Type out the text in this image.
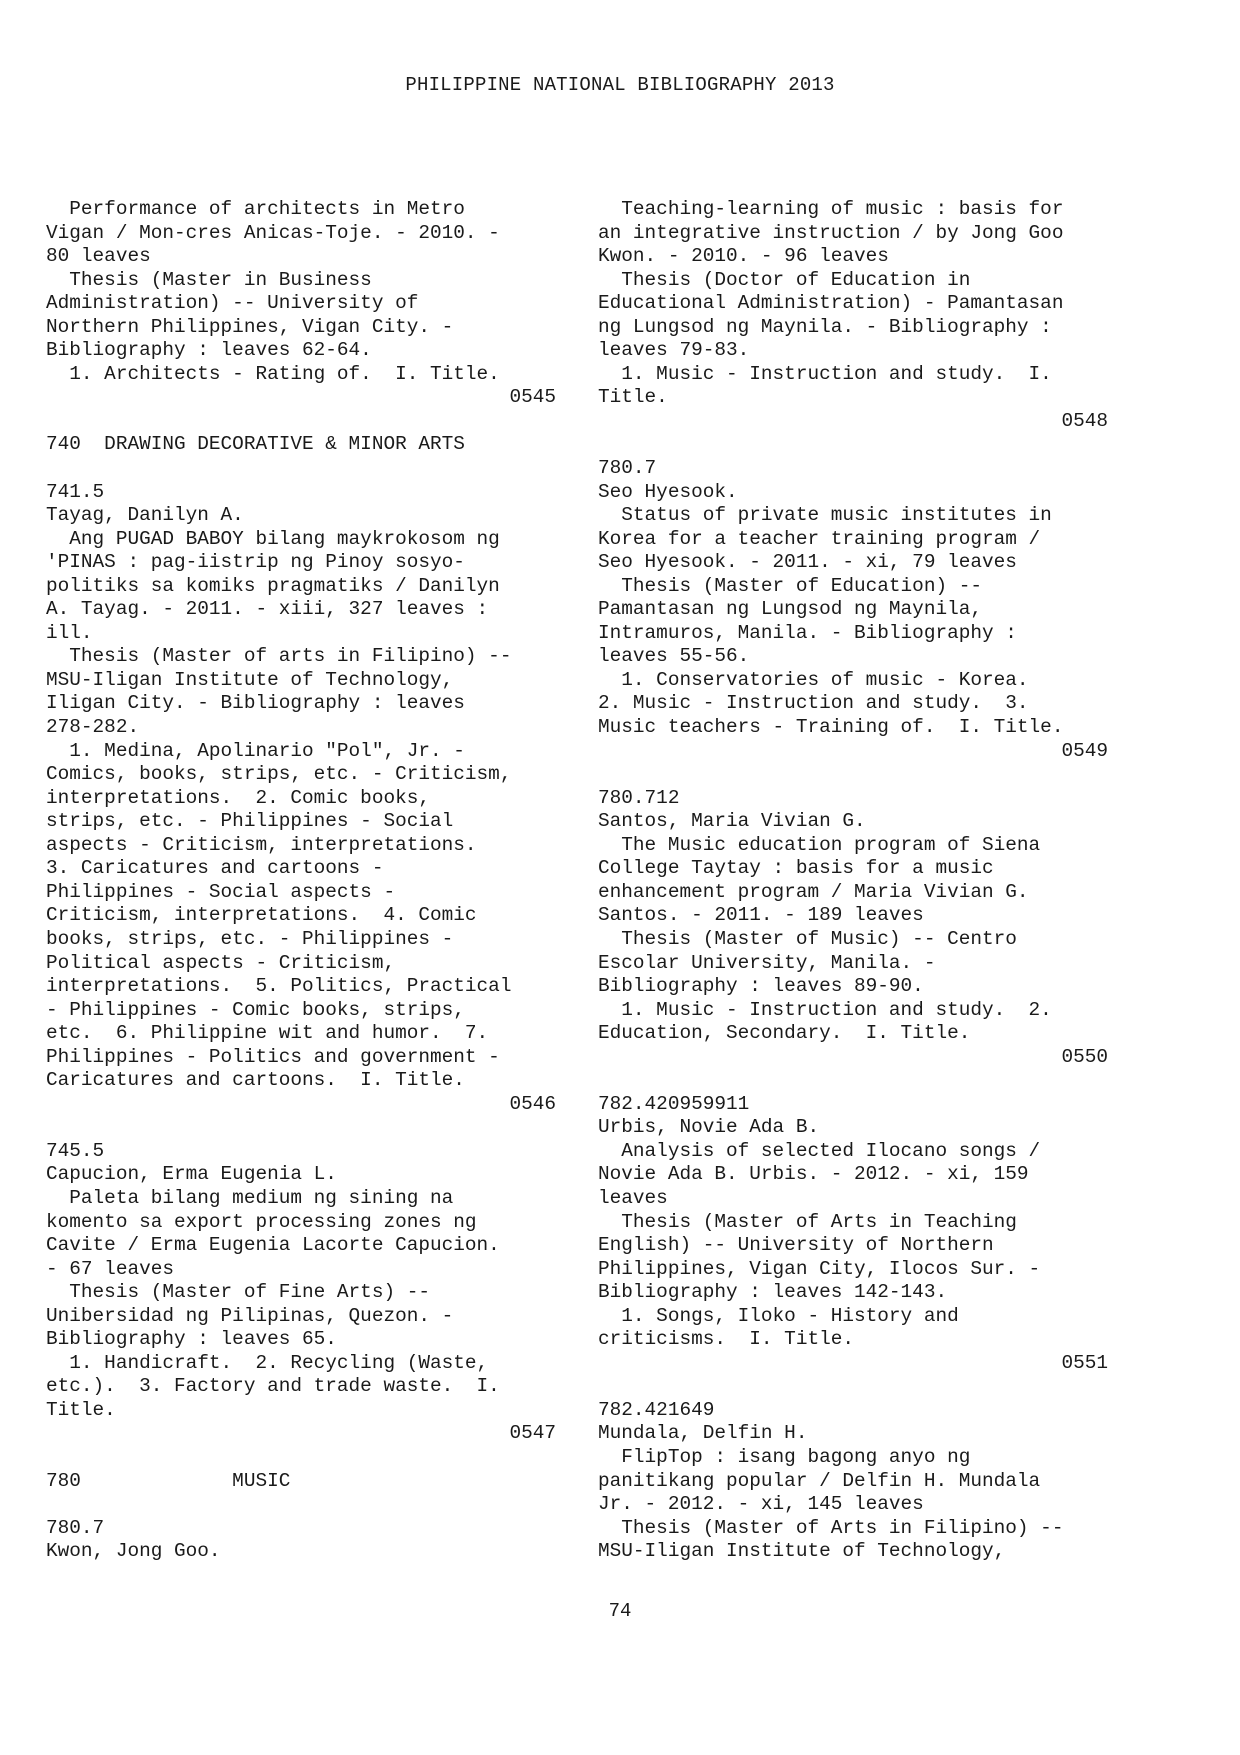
PHILIPPINE NATIONAL BIBLIOGRAPHY 2013
Performance of architects in Metro
Vigan / Mon-cres Anicas-Toje. - 2010. -
80 leaves
Thesis (Master in Business
Administration) -- University of
Northern Philippines, Vigan City. -
Bibliography : leaves 62-64.
1. Architects - Rating of.  I. Title.
0545
740  DRAWING DECORATIVE & MINOR ARTS
741.5
Tayag, Danilyn A.
Ang PUGAD BABOY bilang maykrokosom ng
'PINAS : pag-iistrip ng Pinoy sosyo-
politiks sa komiks pragmatiks / Danilyn
A. Tayag. - 2011. - xiii, 327 leaves :
ill.
Thesis (Master of arts in Filipino) --
MSU-Iligan Institute of Technology,
Iligan City. - Bibliography : leaves
278-282.
1. Medina, Apolinario "Pol", Jr. -
Comics, books, strips, etc. - Criticism,
interpretations.  2. Comic books,
strips, etc. - Philippines - Social
aspects - Criticism, interpretations.
3. Caricatures and cartoons -
Philippines - Social aspects -
Criticism, interpretations.  4. Comic
books, strips, etc. - Philippines -
Political aspects - Criticism,
interpretations.  5. Politics, Practical
- Philippines - Comic books, strips,
etc.  6. Philippine wit and humor.  7.
Philippines - Politics and government -
Caricatures and cartoons.  I. Title.
0546
745.5
Capucion, Erma Eugenia L.
Paleta bilang medium ng sining na
komento sa export processing zones ng
Cavite / Erma Eugenia Lacorte Capucion.
- 67 leaves
Thesis (Master of Fine Arts) --
Unibersidad ng Pilipinas, Quezon. -
Bibliography : leaves 65.
1. Handicraft.  2. Recycling (Waste,
etc.).  3. Factory and trade waste.  I.
Title.
0547
780             MUSIC
780.7
Kwon, Jong Goo.
Teaching-learning of music : basis for
an integrative instruction / by Jong Goo
Kwon. - 2010. - 96 leaves
Thesis (Doctor of Education in
Educational Administration) - Pamantasan
ng Lungsod ng Maynila. - Bibliography :
leaves 79-83.
1. Music - Instruction and study.  I.
Title.
0548
780.7
Seo Hyesook.
Status of private music institutes in
Korea for a teacher training program /
Seo Hyesook. - 2011. - xi, 79 leaves
Thesis (Master of Education) --
Pamantasan ng Lungsod ng Maynila,
Intramuros, Manila. - Bibliography :
leaves 55-56.
1. Conservatories of music - Korea.
2. Music - Instruction and study.  3.
Music teachers - Training of.  I. Title.
0549
780.712
Santos, Maria Vivian G.
The Music education program of Siena
College Taytay : basis for a music
enhancement program / Maria Vivian G.
Santos. - 2011. - 189 leaves
Thesis (Master of Music) -- Centro
Escolar University, Manila. -
Bibliography : leaves 89-90.
1. Music - Instruction and study.  2.
Education, Secondary.  I. Title.
0550
782.420959911
Urbis, Novie Ada B.
Analysis of selected Ilocano songs /
Novie Ada B. Urbis. - 2012. - xi, 159
leaves
Thesis (Master of Arts in Teaching
English) -- University of Northern
Philippines, Vigan City, Ilocos Sur. -
Bibliography : leaves 142-143.
1. Songs, Iloko - History and
criticisms.  I. Title.
0551
782.421649
Mundala, Delfin H.
FlipTop : isang bagong anyo ng
panitikang popular / Delfin H. Mundala
Jr. - 2012. - xi, 145 leaves
Thesis (Master of Arts in Filipino) --
MSU-Iligan Institute of Technology,
74
